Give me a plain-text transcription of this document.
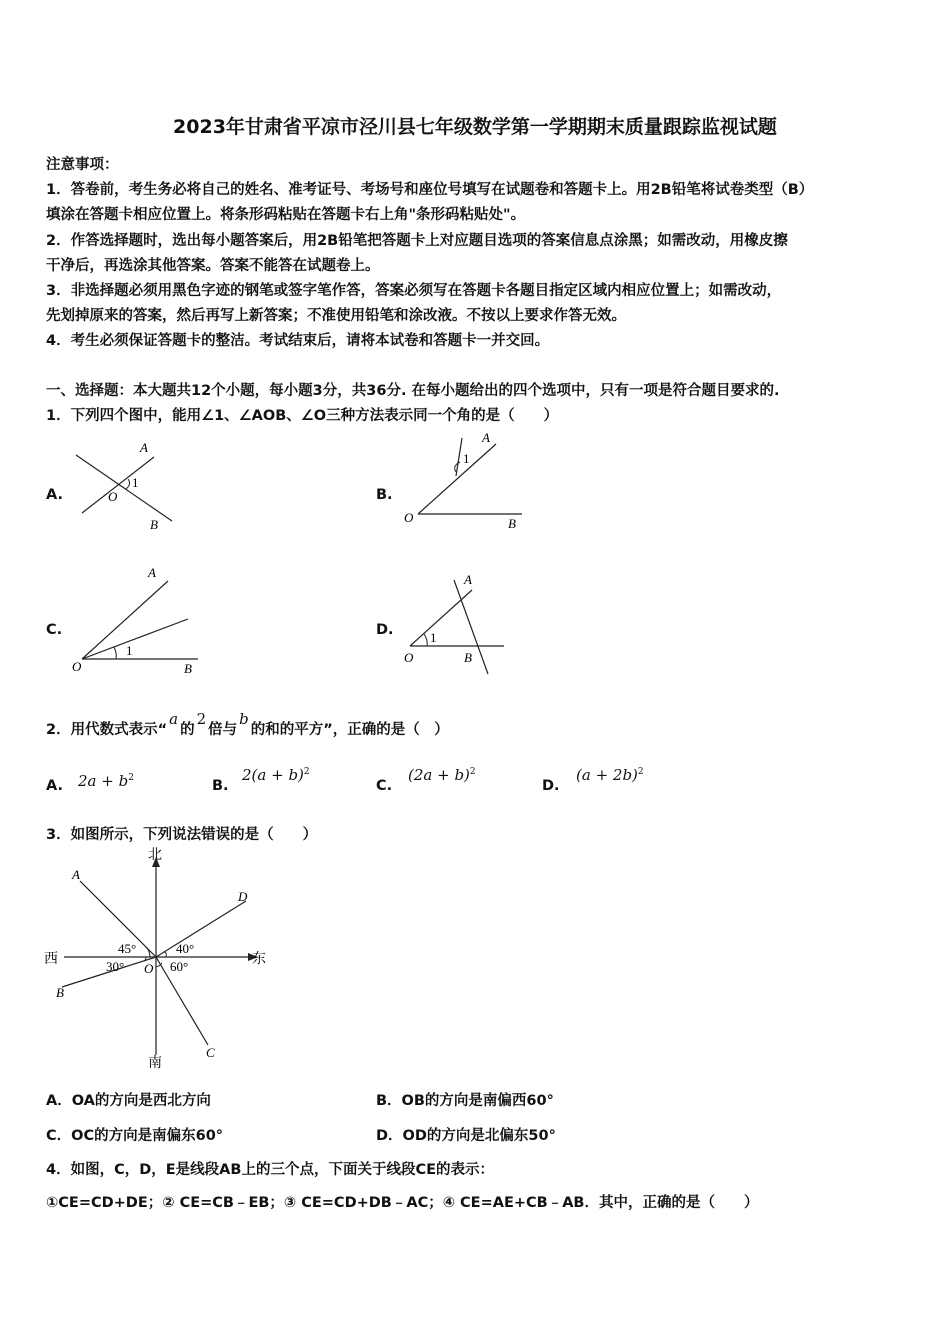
2023年甘肃省平凉市泾川县七年级数学第一学期期末质量跟踪监视试题
注意事项：
1．答卷前，考生务必将自己的姓名、准考证号、考场号和座位号填写在试题卷和答题卡上。用2B铅笔将试卷类型（B）
填涂在答题卡相应位置上。将条形码粘贴在答题卡右上角"条形码粘贴处"。
2．作答选择题时，选出每小题答案后，用2B铅笔把答题卡上对应题目选项的答案信息点涂黑；如需改动，用橡皮擦
干净后，再选涂其他答案。答案不能答在试题卷上。
3．非选择题必须用黑色字迹的钢笔或签字笔作答，答案必须写在答题卡各题目指定区域内相应位置上；如需改动，
先划掉原来的答案，然后再写上新答案；不准使用铅笔和涂改液。不按以上要求作答无效。
4．考生必须保证答题卡的整洁。考试结束后，请将本试卷和答题卡一并交回。
一、选择题：本大题共12个小题，每小题3分，共36分. 在每小题给出的四个选项中，只有一项是符合题目要求的.
1．下列四个图中，能用∠1、∠AOB、∠O三种方法表示同一个角的是（　　）
A.
A
O
1
B
B.
A
1
O	B
C.
A
1
O	B
D.
A
1
O	B
2．用代数式表示“a的2倍与b的和的平方”，正确的是（　）
A. $2a + b^2$	B.
$2(a + b)^2$
C.
$(2a + b)^2$
D.
$(a + 2b)^2$
3．如图所示，下列说法错误的是（　　）
北
南
东
西
A
D
B
C
O
45°	40°
30°	60°
A．OA的方向是西北方向	B．OB的方向是南偏西60°
C．OC的方向是南偏东60°	D．OD的方向是北偏东50°
4．如图，C，D，E是线段AB上的三个点，下面关于线段CE的表示：
①CE=CD+DE；② CE=CB﹣EB；③ CE=CD+DB﹣AC；④ CE=AE+CB﹣AB．其中，正确的是（　　）
